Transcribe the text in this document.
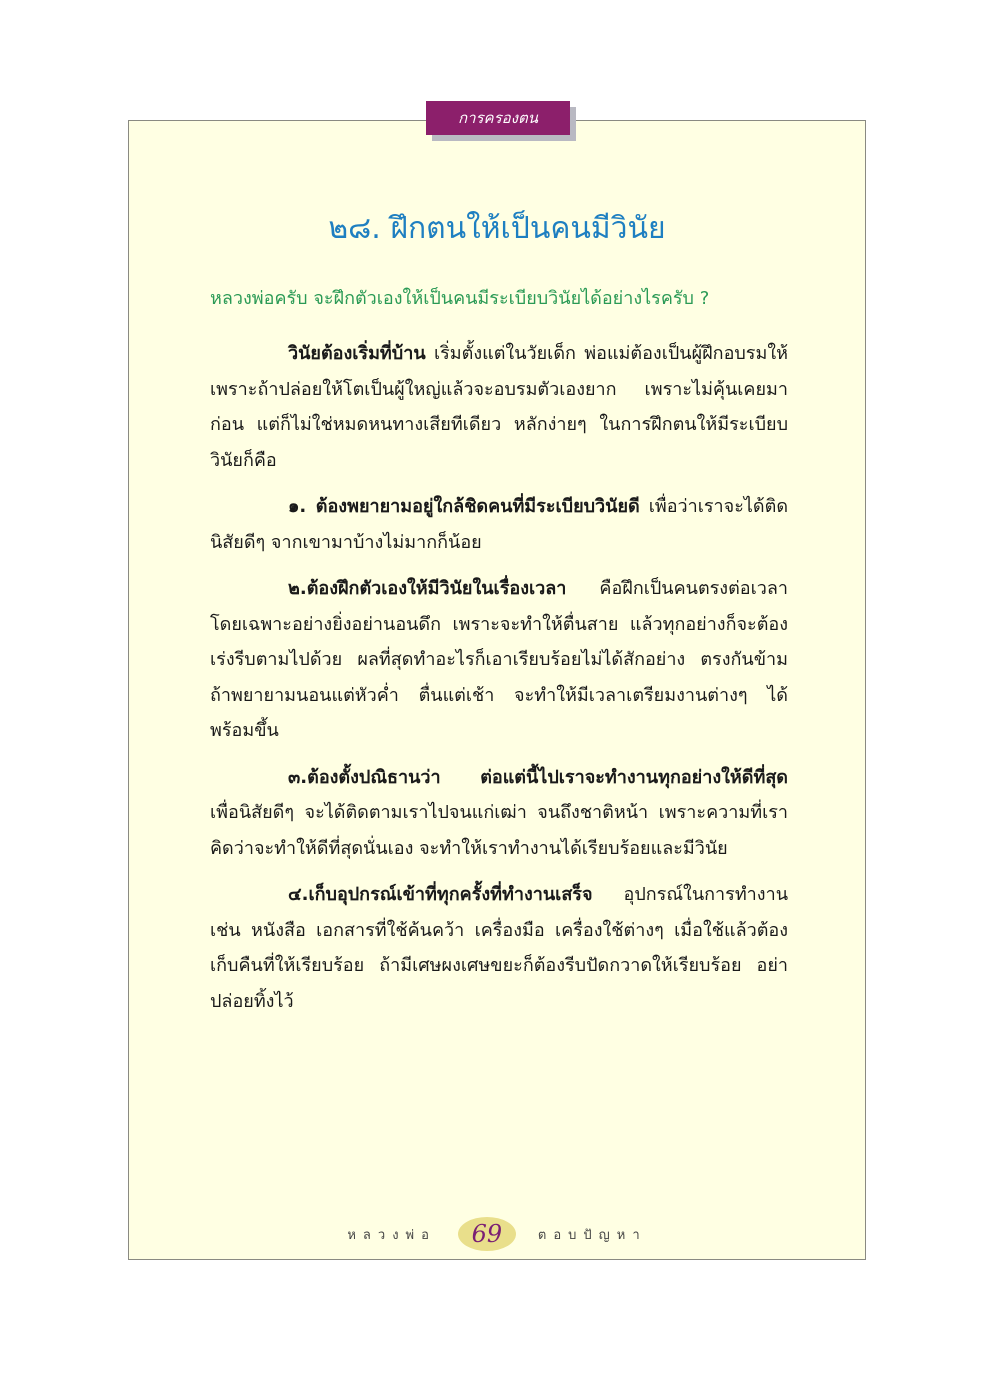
การครองตน
๒๘. ฝึกตนให้เป็นคนมีวินัย
หลวงพ่อครับ จะฝึกตัวเองให้เป็นคนมีระเบียบวินัยได้อย่างไรครับ ?

วินัยต้องเริ่มที่บ้าน เริ่มตั้งแต่ในวัยเด็ก พ่อแม่ต้องเป็นผู้ฝึกอบรมให้ เพราะถ้าปล่อยให้โตเป็นผู้ใหญ่แล้วจะอบรมตัวเองยาก เพราะไม่คุ้นเคยมาก่อน แต่ก็ไม่ใช่หมดหนทางเสียทีเดียว หลักง่ายๆ ในการฝึกตนให้มีระเบียบวินัยก็คือ

๑. ต้องพยายามอยู่ใกล้ชิดคนที่มีระเบียบวินัยดี เพื่อว่าเราจะได้ติดนิสัยดีๆ จากเขามาบ้างไม่มากก็น้อย

๒.ต้องฝึกตัวเองให้มีวินัยในเรื่องเวลา คือฝึกเป็นคนตรงต่อเวลา โดยเฉพาะอย่างยิ่งอย่านอนดึก เพราะจะทำให้ตื่นสาย แล้วทุกอย่างก็จะต้องเร่งรีบตามไปด้วย ผลที่สุดทำอะไรก็เอาเรียบร้อยไม่ได้สักอย่าง ตรงกันข้ามถ้าพยายามนอนแต่หัวค่ำ ตื่นแต่เช้า จะทำให้มีเวลาเตรียมงานต่างๆ ได้พร้อมขึ้น

๓.ต้องตั้งปณิธานว่า ต่อแต่นี้ไปเราจะทำงานทุกอย่างให้ดีที่สุด เพื่อนิสัยดีๆ จะได้ติดตามเราไปจนแก่เฒ่า จนถึงชาติหน้า เพราะความที่เราคิดว่าจะทำให้ดีที่สุดนั่นเอง จะทำให้เราทำงานได้เรียบร้อยและมีวินัย

๔.เก็บอุปกรณ์เข้าที่ทุกครั้งที่ทำงานเสร็จ อุปกรณ์ในการทำงาน เช่น หนังสือ เอกสารที่ใช้ค้นคว้า เครื่องมือ เครื่องใช้ต่างๆ เมื่อใช้แล้วต้องเก็บคืนที่ให้เรียบร้อย ถ้ามีเศษผงเศษขยะก็ต้องรีบปัดกวาดให้เรียบร้อย อย่าปล่อยทิ้งไว้

หลวงพ่อ	69	ตอบปัญหา
